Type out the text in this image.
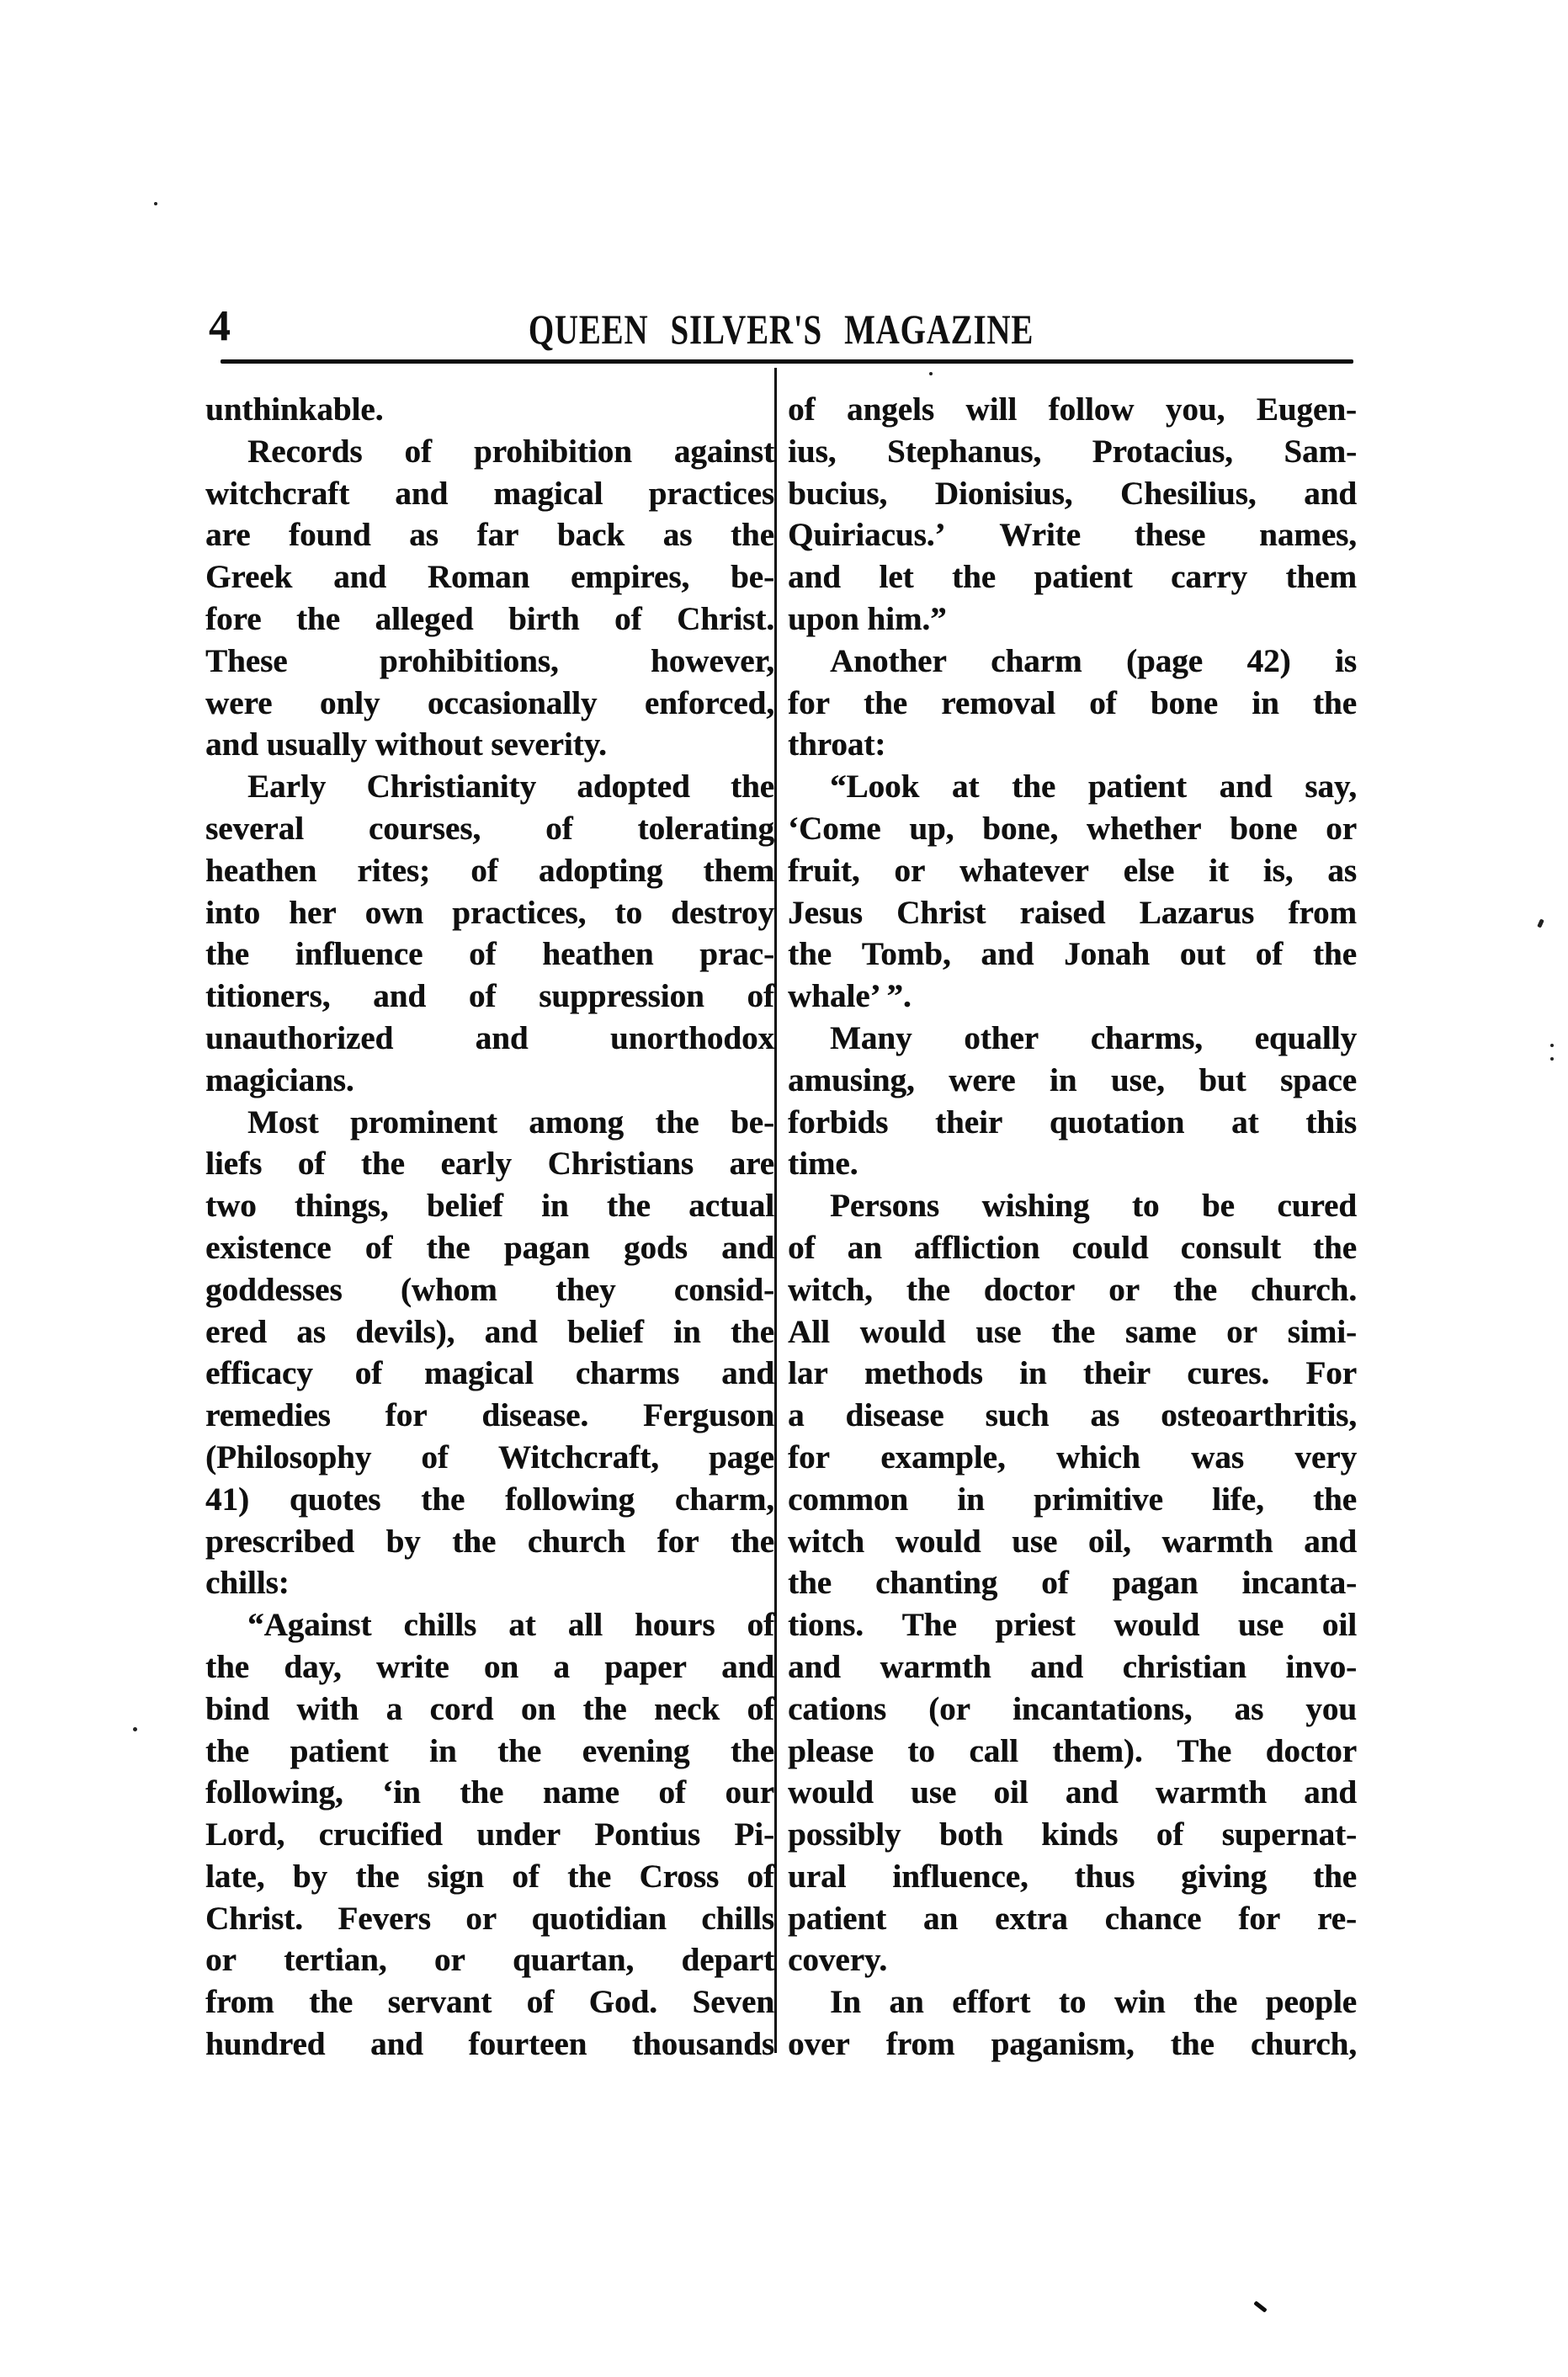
4	QUEEN SILVER'S MAGAZINE
unthinkable.
Records of prohibition against
witchcraft and magical practices
are found as far back as the
Greek and Roman empires, be-
fore the alleged birth of Christ.
These	prohibitions,	however,
were only occasionally enforced,
and usually without severity.
Early Christianity adopted the
several courses, of tolerating
heathen rites; of adopting them
into her own practices, to destroy
the influence of heathen prac-
titioners, and of suppression of
unauthorized and unorthodox
magicians.
Most prominent among the be-
liefs of the early Christians are
two things, belief in the actual
existence of the pagan gods and
goddesses (whom they consid-
ered as devils), and belief in the
efficacy of magical charms and
remedies for disease. Ferguson
(Philosophy of Witchcraft, page
41) quotes the following charm,
prescribed by the church for the
chills:
“Against chills at all hours of
the day, write on a paper and
bind with a cord on the neck of
the patient in the evening the
following, ‘in the name of our
Lord, crucified under Pontius Pi-
late, by the sign of the Cross of
Christ. Fevers or quotidian chills
or tertian, or quartan, depart
from the servant of God. Seven
hundred and fourteen thousands
of angels will follow you, Eugen-
ius, Stephanus, Protacius, Sam-
bucius, Dionisius, Chesilius, and
Quiriacus.’ Write these names,
and let the patient carry them
upon him.”
Another charm (page 42) is
for the removal of bone in the
throat:
“Look at the patient and say,
‘Come up, bone, whether bone or
fruit, or whatever else it is, as
Jesus Christ raised Lazarus from
the Tomb, and Jonah out of the
whale’ ”.
Many other charms, equally
amusing, were in use, but space
forbids their quotation at this
time.
Persons wishing to be cured
of an affliction could consult the
witch, the doctor or the church.
All would use the same or simi-
lar methods in their cures. For
a disease such as osteoarthritis,
for example, which was very
common in primitive life, the
witch would use oil, warmth and
the chanting of pagan incanta-
tions. The priest would use oil
and warmth and christian invo-
cations (or incantations, as you
please to call them). The doctor
would use oil and warmth and
possibly both kinds of supernat-
ural influence, thus giving the
patient an extra chance for re-
covery.
In an effort to win the people
over from paganism, the church,
